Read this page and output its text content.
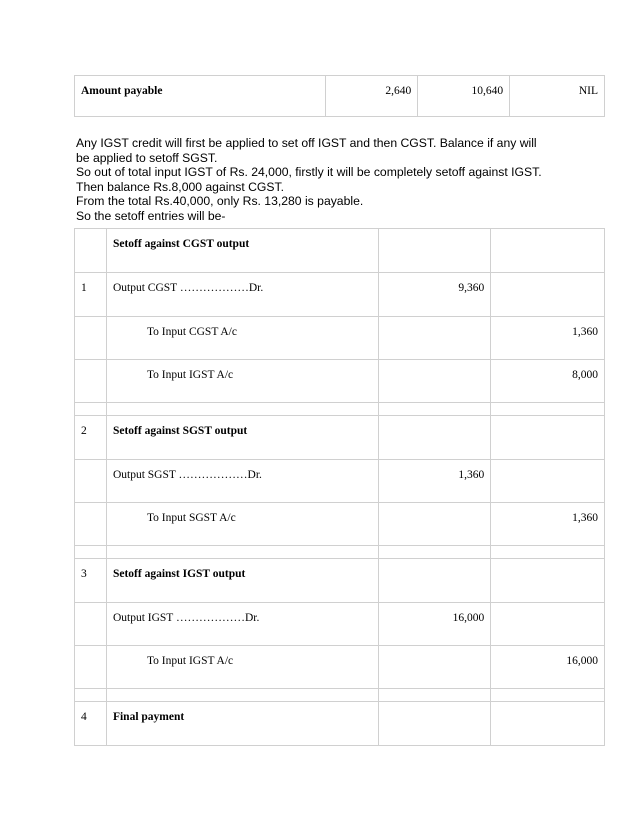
Amount payable	2,640	10,640	NIL
Any IGST credit will first be applied to set off IGST and then CGST. Balance if any will
be applied to setoff SGST.
So out of total input IGST of Rs. 24,000, firstly it will be completely setoff against IGST.
Then balance Rs.8,000 against CGST.
From the total Rs.40,000, only Rs. 13,280 is payable.
So the setoff entries will be-
	Setoff against CGST output		
1	Output CGST ………………Dr.	9,360	
	To Input CGST A/c		1,360
	To Input IGST A/c		8,000

2	Setoff against SGST output		
	Output SGST ………………Dr.	1,360	
	To Input SGST A/c		1,360

3	Setoff against IGST output		
	Output IGST ………………Dr.	16,000	
	To Input IGST A/c		16,000

4	Final payment		
